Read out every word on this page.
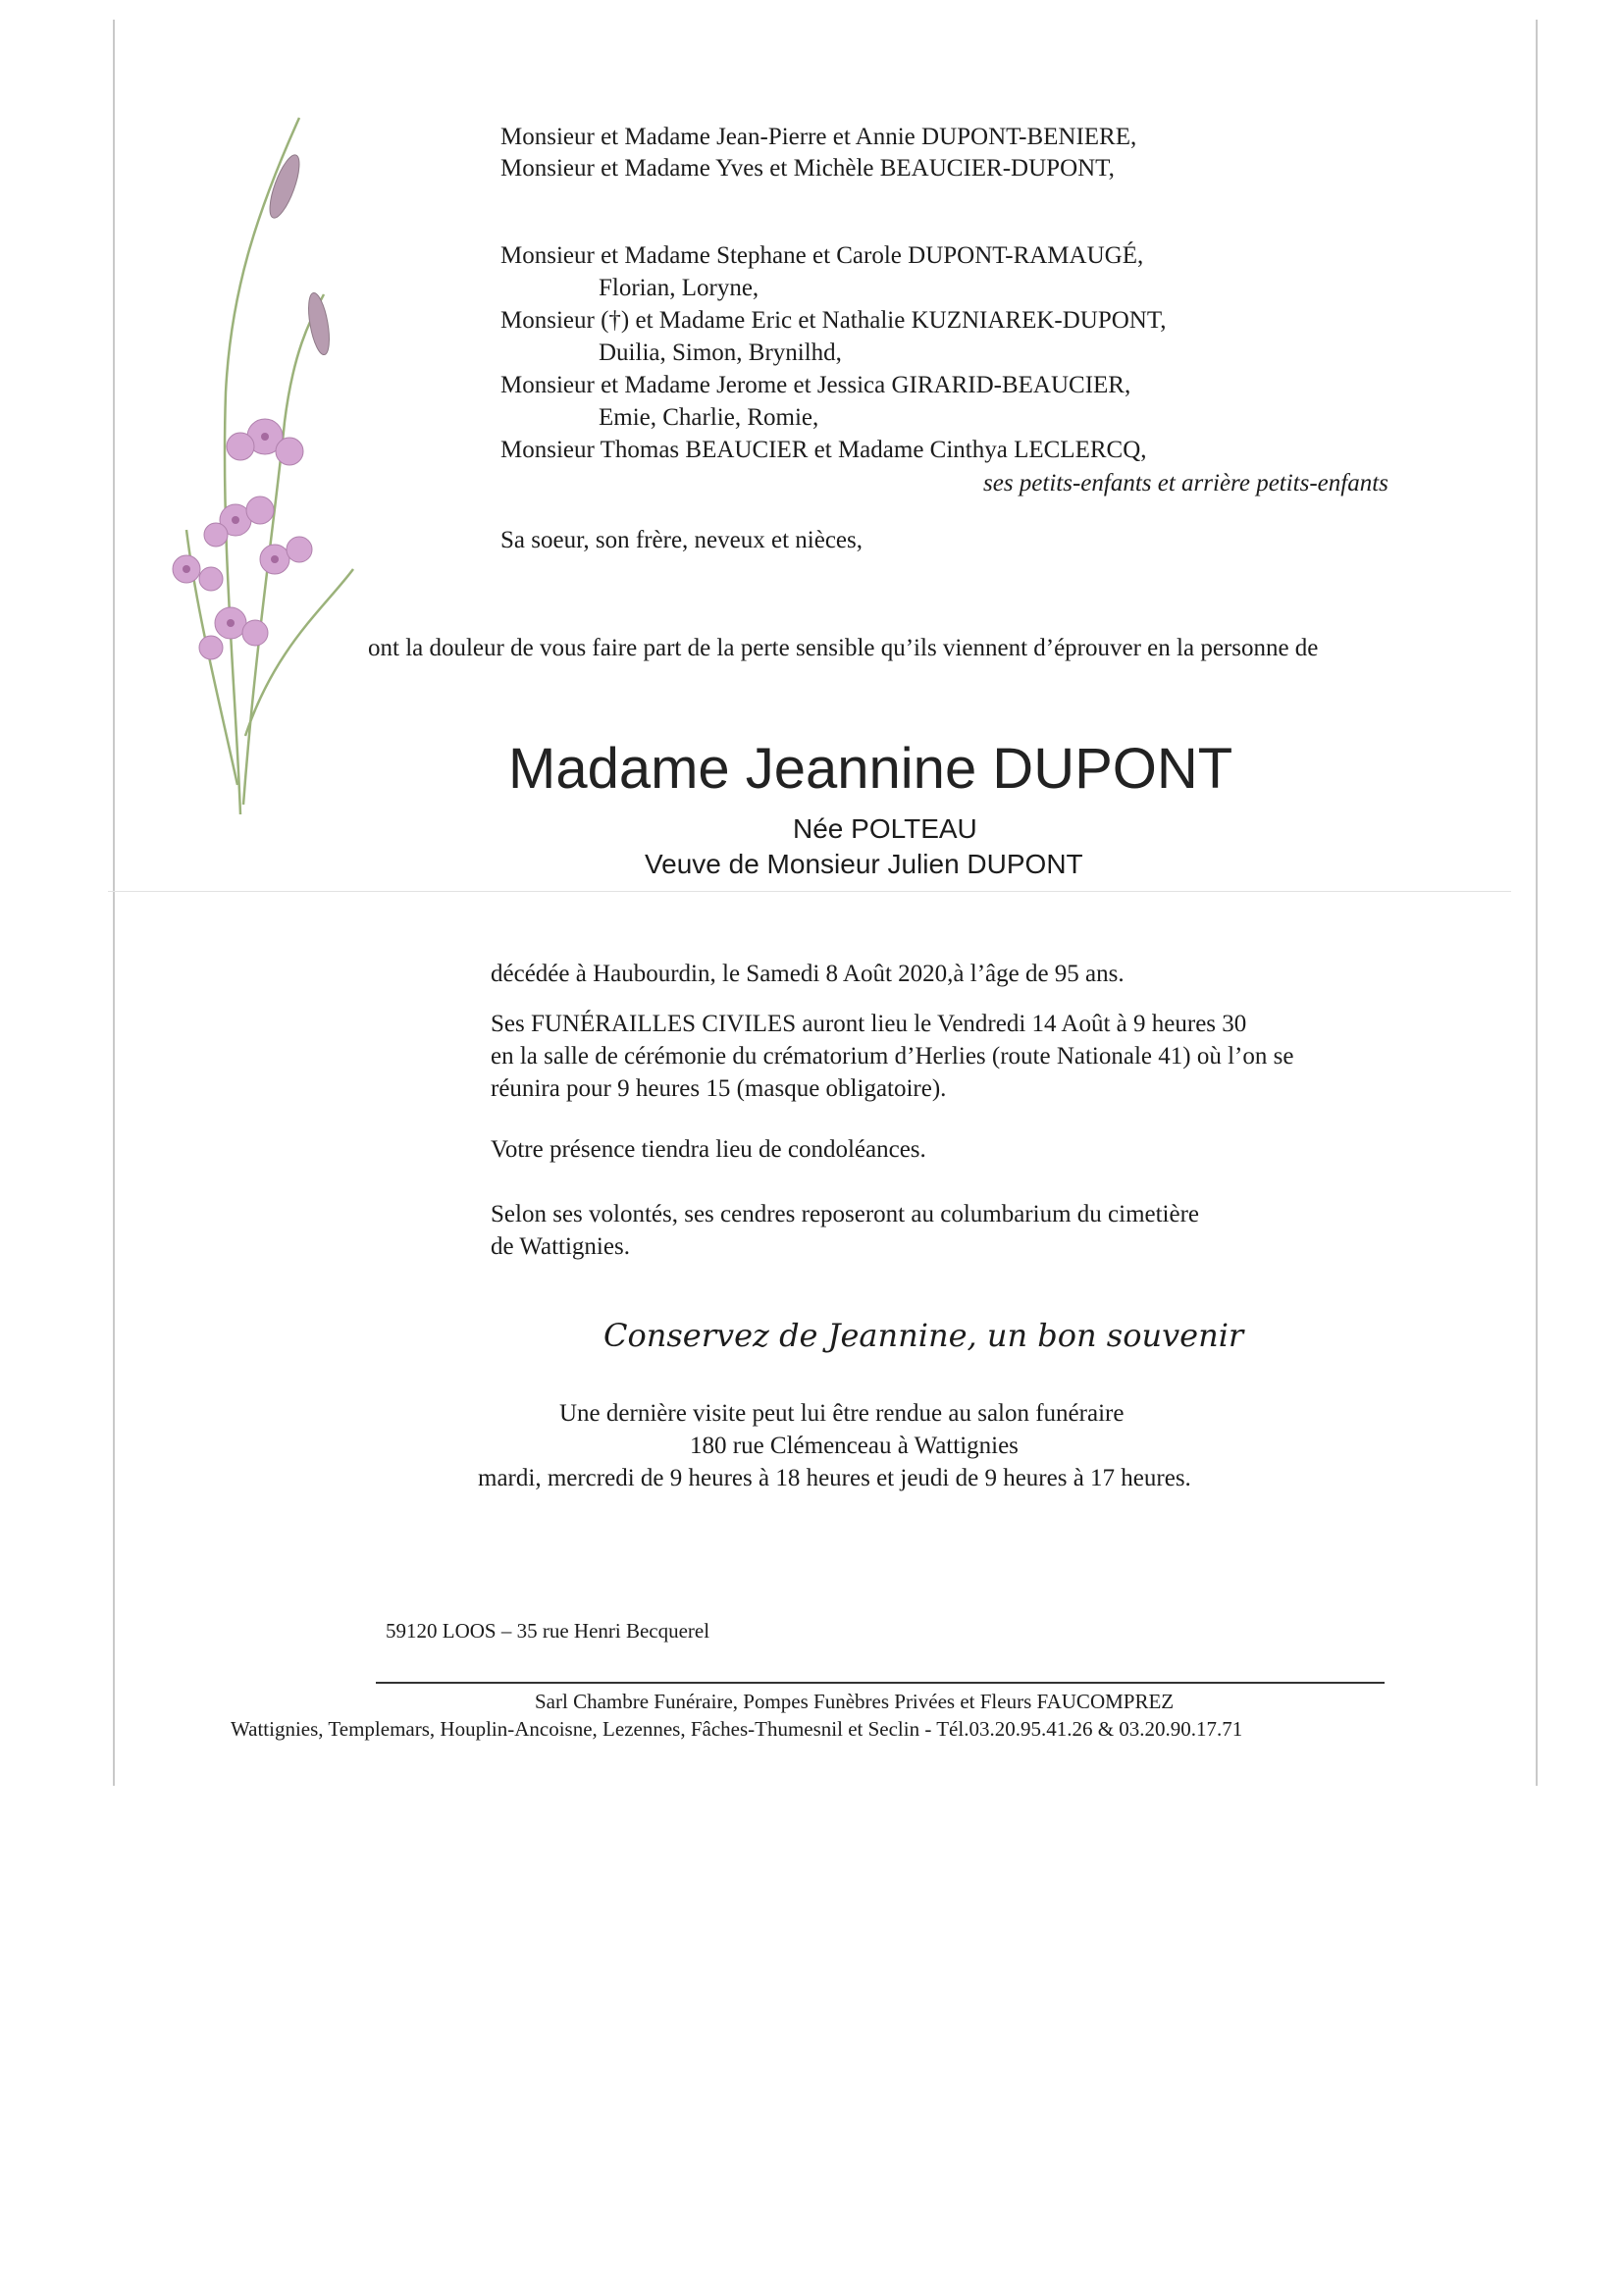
Monsieur et Madame Jean-Pierre et Annie DUPONT-BENIERE,
Monsieur et Madame Yves et Michèle BEAUCIER-DUPONT,
Monsieur et Madame Stephane et Carole DUPONT-RAMAUGÉ,
Florian, Loryne,
Monsieur (†) et Madame Eric et Nathalie KUZNIAREK-DUPONT,
Duilia, Simon, Brynilhd,
Monsieur et Madame Jerome et Jessica GIRARID-BEAUCIER,
Emie, Charlie, Romie,
Monsieur Thomas BEAUCIER et Madame Cinthya LECLERCQ,
ses petits-enfants et arrière petits-enfants
Sa soeur, son frère, neveux et nièces,
ont la douleur de vous faire part de la perte sensible qu’ils viennent d’éprouver en la personne de
Madame Jeannine DUPONT
Née POLTEAU
Veuve de Monsieur Julien DUPONT
décédée à Haubourdin, le Samedi 8 Août 2020,à l’âge de 95 ans.
Ses FUNÉRAILLES CIVILES auront lieu le Vendredi 14 Août à 9 heures 30
en la salle de cérémonie du crématorium d’Herlies (route Nationale 41) où l’on se
réunira pour 9 heures 15 (masque obligatoire).
Votre présence tiendra lieu de condoléances.
Selon ses volontés, ses cendres reposeront au columbarium du cimetière
de Wattignies.
Conservez de Jeannine, un bon souvenir
Une dernière visite peut lui être rendue au salon funéraire
180 rue Clémenceau à Wattignies
mardi, mercredi de 9 heures à 18 heures et jeudi de 9 heures à 17 heures.
59120 LOOS – 35 rue Henri Becquerel
Sarl Chambre Funéraire, Pompes Funèbres Privées et Fleurs FAUCOMPREZ
Wattignies, Templemars, Houplin-Ancoisne, Lezennes, Fâches-Thumesnil et Seclin - Tél.03.20.95.41.26 & 03.20.90.17.71
